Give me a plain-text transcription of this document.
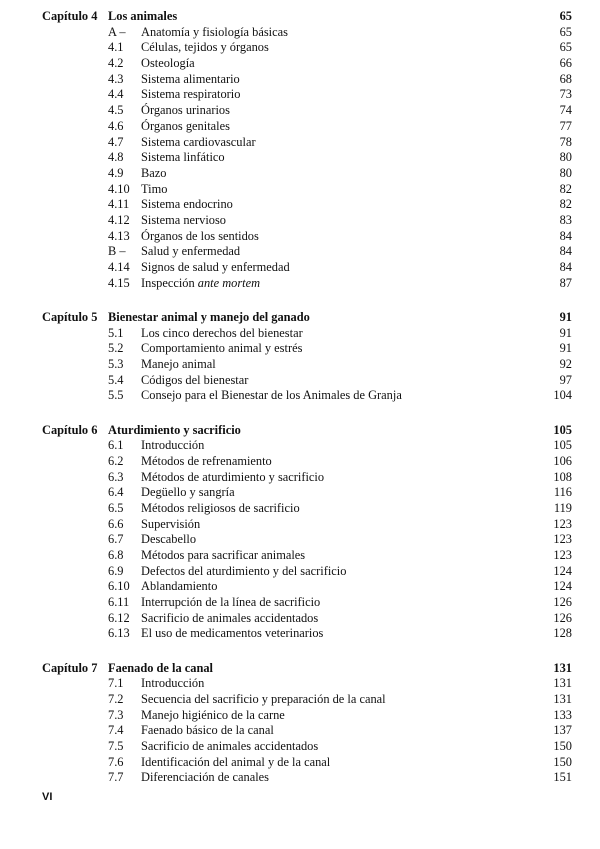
Capítulo 4 Los animales	65
A – Anatomía y fisiología básicas	65
4.1 Células, tejidos y órganos	65
4.2 Osteología	66
4.3 Sistema alimentario	68
4.4 Sistema respiratorio	73
4.5 Órganos urinarios	74
4.6 Órganos genitales	77
4.7 Sistema cardiovascular	78
4.8 Sistema linfático	80
4.9 Bazo	80
4.10 Timo	82
4.11 Sistema endocrino	82
4.12 Sistema nervioso	83
4.13 Órganos de los sentidos	84
B – Salud y enfermedad	84
4.14 Signos de salud y enfermedad	84
4.15 Inspección ante mortem	87
Capítulo 5 Bienestar animal y manejo del ganado	91
5.1 Los cinco derechos del bienestar	91
5.2 Comportamiento animal y estrés	91
5.3 Manejo animal	92
5.4 Códigos del bienestar	97
5.5 Consejo para el Bienestar de los Animales de Granja	104
Capítulo 6 Aturdimiento y sacrificio	105
6.1 Introducción	105
6.2 Métodos de refrenamiento	106
6.3 Métodos de aturdimiento y sacrificio	108
6.4 Degüello y sangría	116
6.5 Métodos religiosos de sacrificio	119
6.6 Supervisión	123
6.7 Descabello	123
6.8 Métodos para sacrificar animales	123
6.9 Defectos del aturdimiento y del sacrificio	124
6.10 Ablandamiento	124
6.11 Interrupción de la línea de sacrificio	126
6.12 Sacrificio de animales accidentados	126
6.13 El uso de medicamentos veterinarios	128
Capítulo 7 Faenado de la canal	131
7.1 Introducción	131
7.2 Secuencia del sacrificio y preparación de la canal	131
7.3 Manejo higiénico de la carne	133
7.4 Faenado básico de la canal	137
7.5 Sacrificio de animales accidentados	150
7.6 Identificación del animal y de la canal	150
7.7 Diferenciación de canales	151
VI
